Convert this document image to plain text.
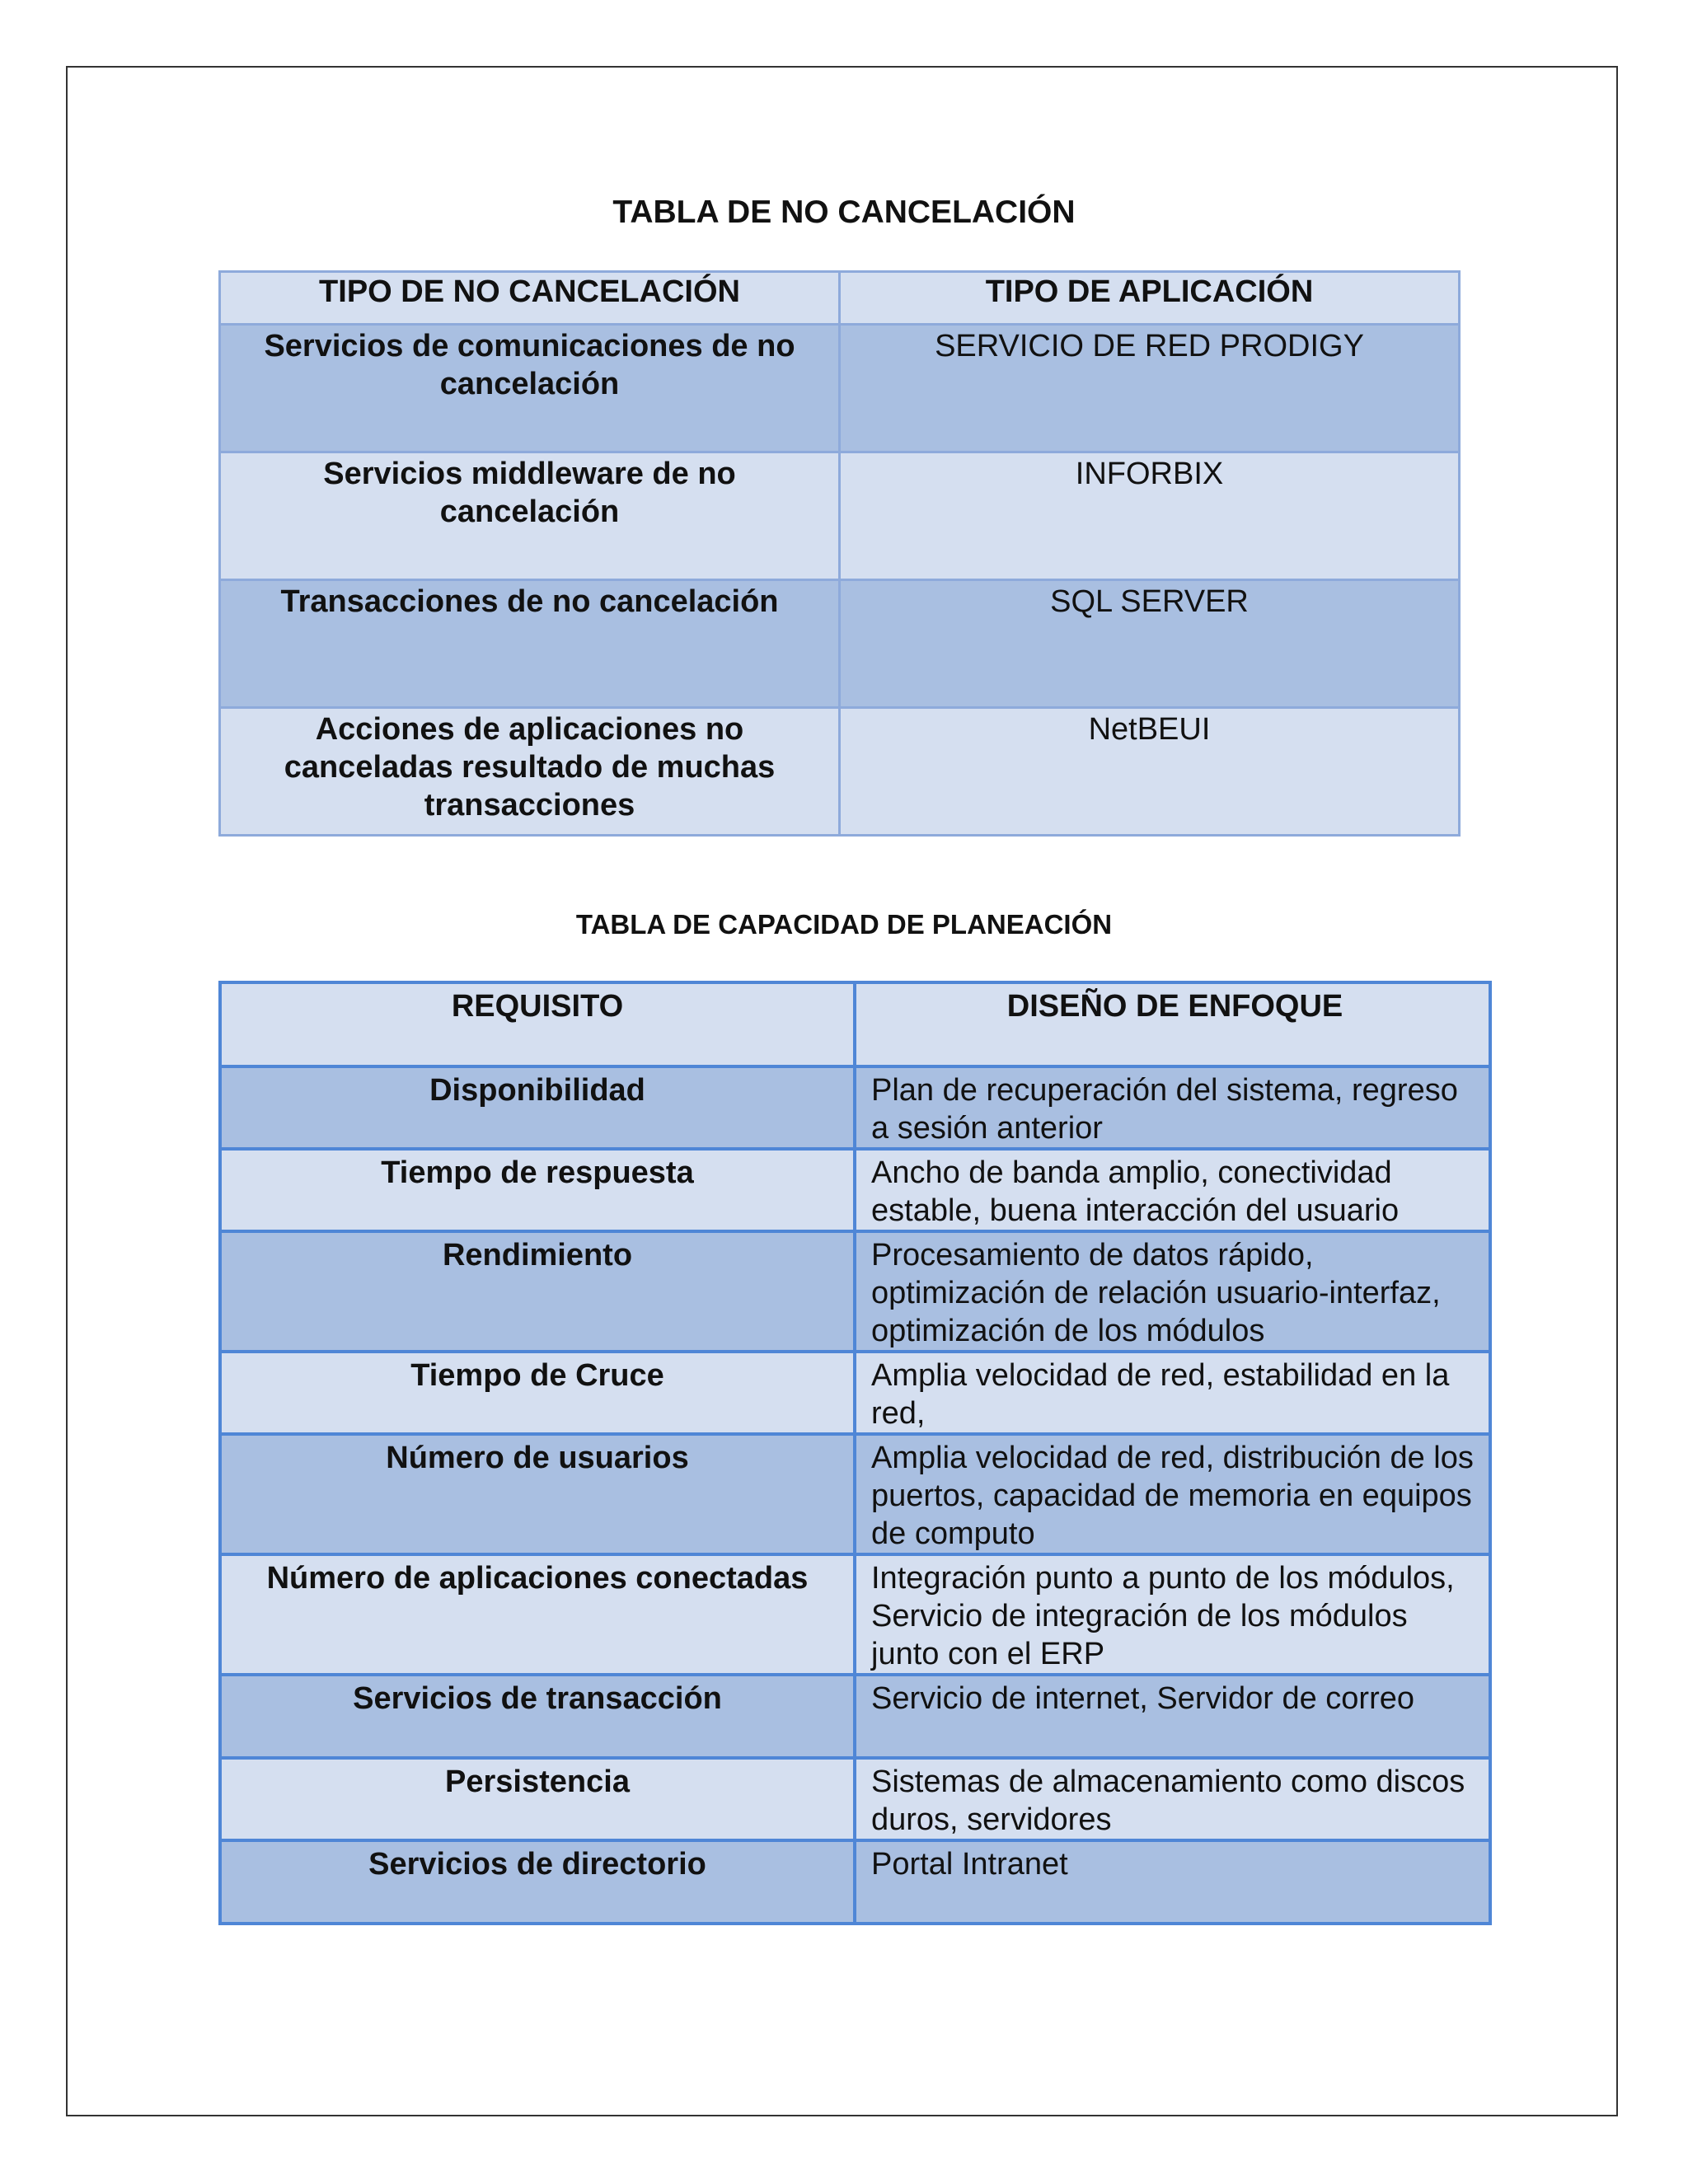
TABLA DE NO CANCELACIÓN
TIPO DE NO CANCELACIÓN	TIPO DE APLICACIÓN
Servicios de comunicaciones de no cancelación	SERVICIO DE RED PRODIGY
Servicios middleware de no cancelación	INFORBIX
Transacciones de no cancelación	SQL SERVER
Acciones de aplicaciones no canceladas resultado de muchas transacciones	NetBEUI
TABLA DE CAPACIDAD DE PLANEACIÓN
REQUISITO	DISEÑO DE ENFOQUE
Disponibilidad	Plan de recuperación del sistema, regreso a sesión anterior
Tiempo de respuesta	Ancho de banda amplio, conectividad estable, buena interacción del usuario
Rendimiento	Procesamiento de datos rápido, optimización de relación usuario-interfaz, optimización de los módulos
Tiempo de Cruce	Amplia velocidad de red, estabilidad en la red,
Número de usuarios	Amplia velocidad de red, distribución de los puertos, capacidad de memoria en equipos de computo
Número de aplicaciones conectadas	Integración punto a punto de los módulos, Servicio de integración de los módulos junto con el ERP
Servicios de transacción	Servicio de internet, Servidor de correo
Persistencia	Sistemas de almacenamiento como discos duros, servidores
Servicios de directorio	Portal Intranet
